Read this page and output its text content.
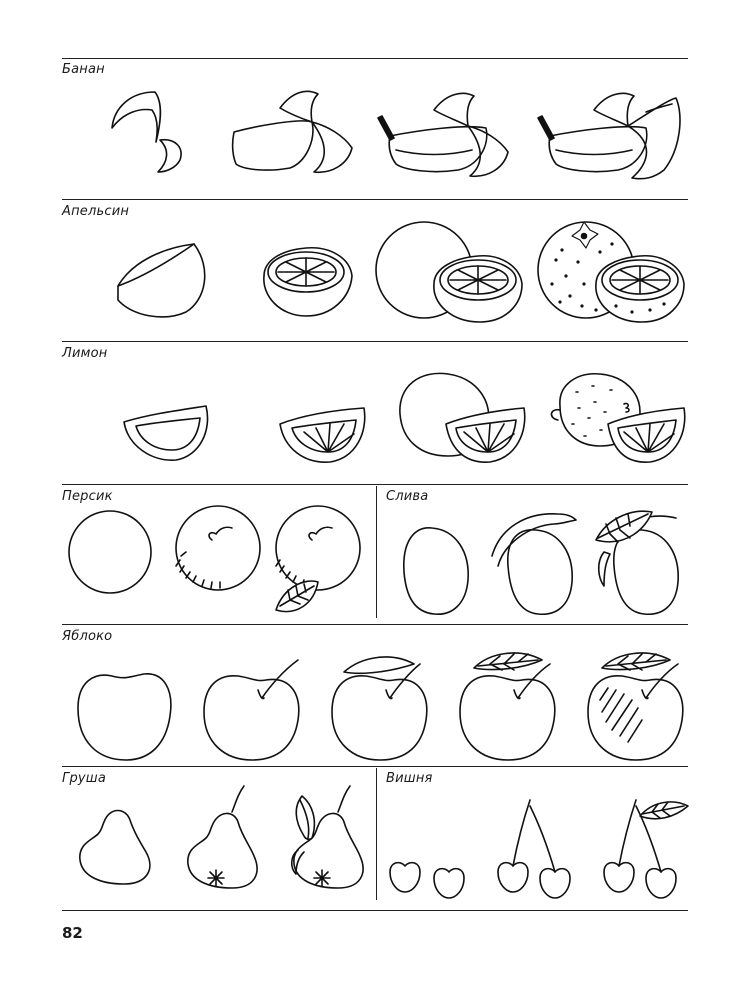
Банан
Апельсин
Лимон
Персик	Слива
Яблоко
Груша	Вишня
82
